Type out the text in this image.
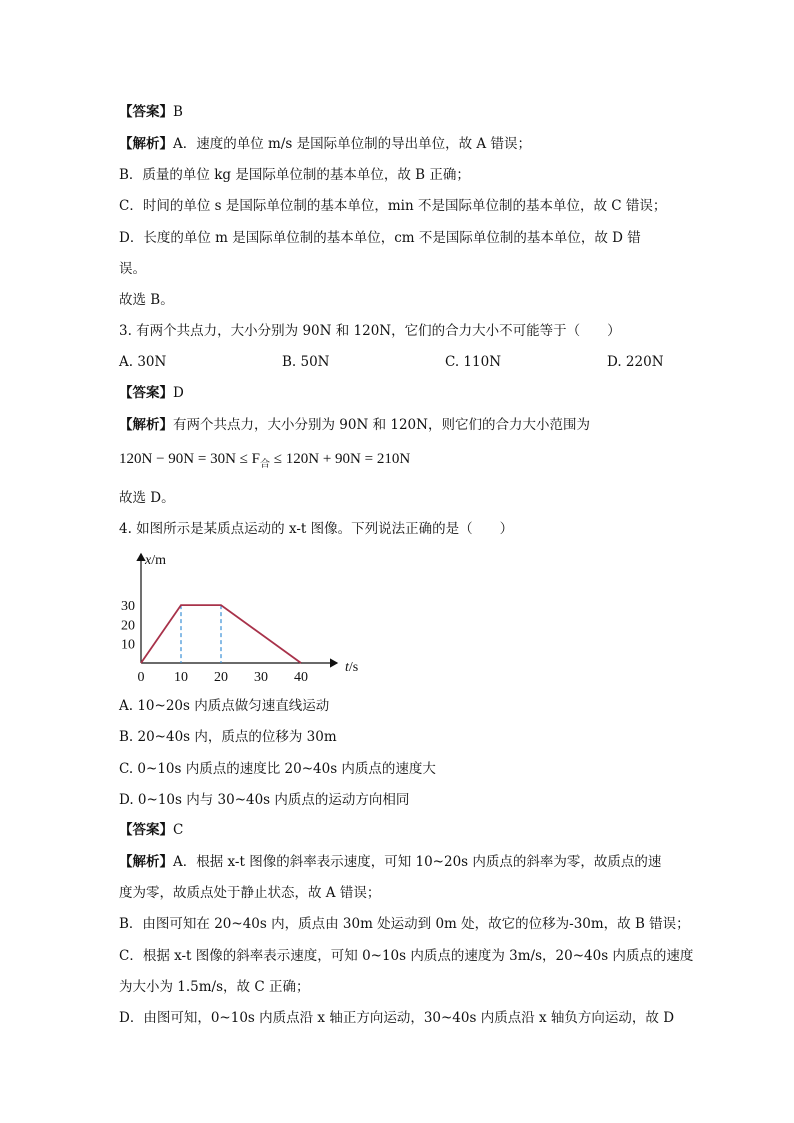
【答案】B
【解析】A．速度的单位 m/s 是国际单位制的导出单位，故 A 错误；
B．质量的单位 kg 是国际单位制的基本单位，故 B 正确；
C．时间的单位 s 是国际单位制的基本单位，min 不是国际单位制的基本单位，故 C 错误；
D．长度的单位 m 是国际单位制的基本单位，cm 不是国际单位制的基本单位，故 D 错
误。
故选 B。
3. 有两个共点力，大小分别为 90N 和 120N，它们的合力大小不可能等于（　　）
A. 30N	B. 50N	C. 110N	D. 220N
【答案】D
【解析】有两个共点力，大小分别为 90N 和 120N，则它们的合力大小范围为
$120N - 90N = 30N \le F_合 \le 120N + 90N = 210N$
故选 D。
4. 如图所示是某质点运动的 x-t 图像。下列说法正确的是（　　）
0 10 20 30 40
10
20
30
x/m
t/s
A. 10~20s 内质点做匀速直线运动
B. 20~40s 内，质点的位移为 30m
C. 0~10s 内质点的速度比 20~40s 内质点的速度大
D. 0~10s 内与 30~40s 内质点的运动方向相同
【答案】C
【解析】A．根据 x-t 图像的斜率表示速度，可知 10~20s 内质点的斜率为零，故质点的速
度为零，故质点处于静止状态，故 A 错误；
B．由图可知在 20~40s 内，质点由 30m 处运动到 0m 处，故它的位移为-30m，故 B 错误；
C．根据 x-t 图像的斜率表示速度，可知 0~10s 内质点的速度为 3m/s，20~40s 内质点的速度
为大小为 1.5m/s，故 C 正确；
D．由图可知，0~10s 内质点沿 x 轴正方向运动，30~40s 内质点沿 x 轴负方向运动，故 D
